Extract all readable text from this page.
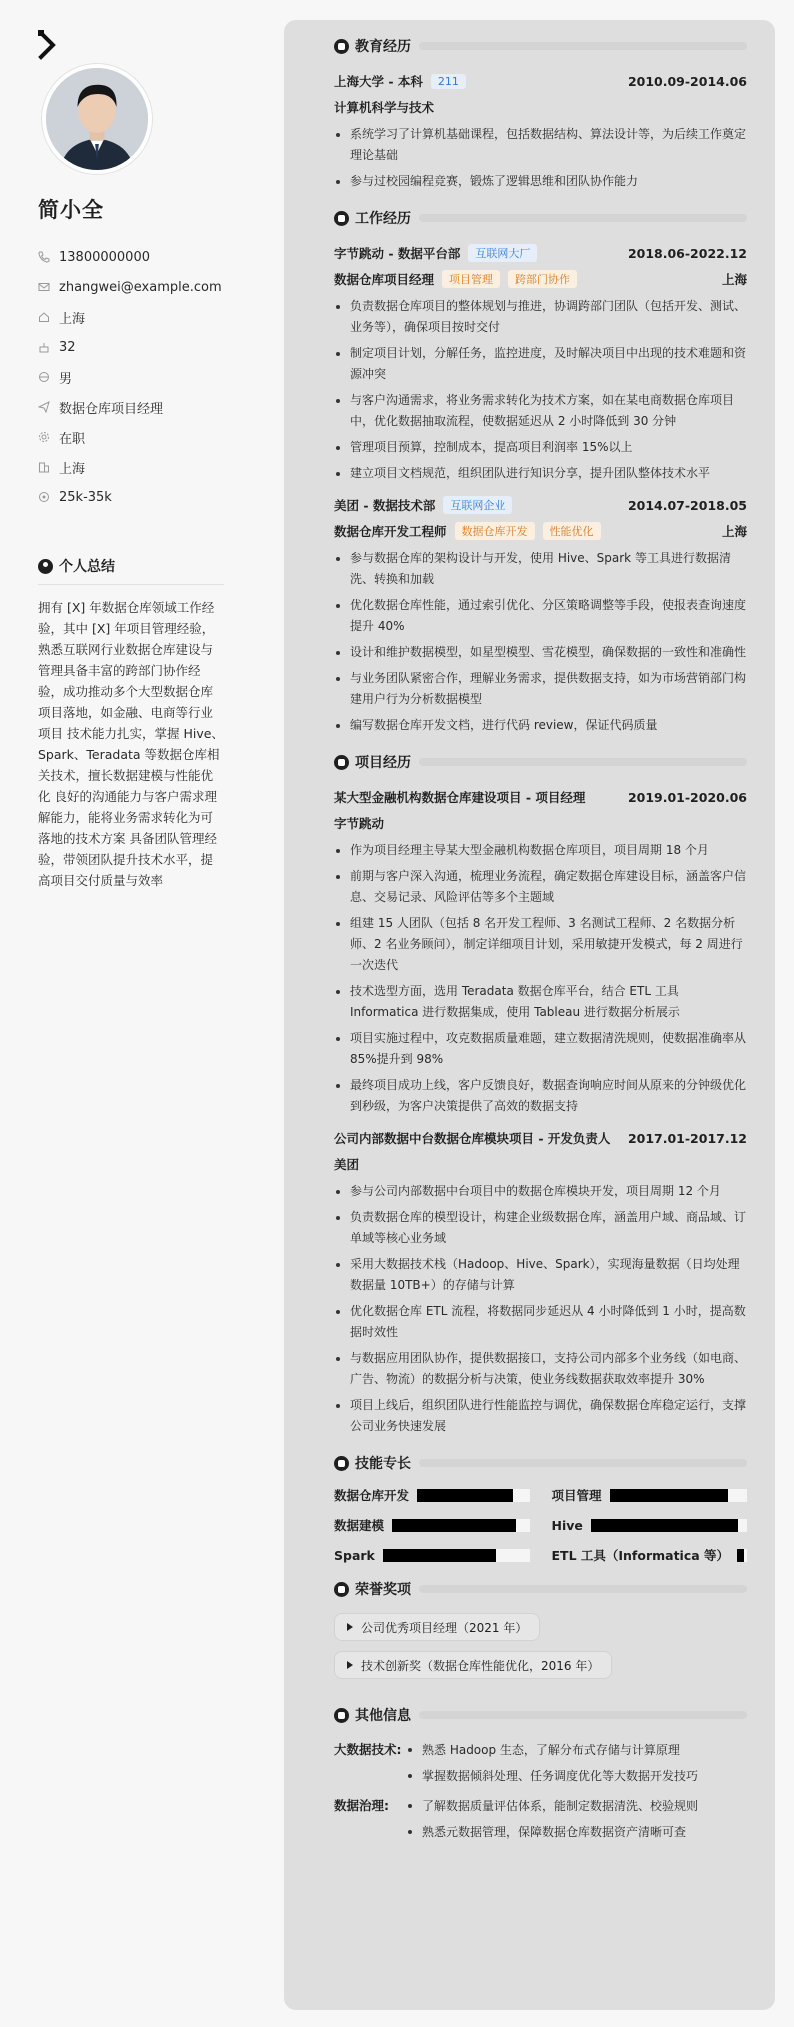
简小全
13800000000
zhangwei@example.com
上海
32
男
数据仓库项目经理
在职
上海
25k-35k
个人总结
拥有 [X] 年数据仓库领域工作经验，其中 [X] 年项目管理经验，熟悉互联网行业数据仓库建设与管理具备丰富的跨部门协作经验，成功推动多个大型数据仓库项目落地，如金融、电商等行业项目 技术能力扎实，掌握 Hive、Spark、Teradata 等数据仓库相关技术，擅长数据建模与性能优化 良好的沟通能力与客户需求理解能力，能将业务需求转化为可落地的技术方案 具备团队管理经验，带领团队提升技术水平，提高项目交付质量与效率
教育经历
上海大学 - 本科	211	2010.09-2014.06
计算机科学与技术
系统学习了计算机基础课程，包括数据结构、算法设计等，为后续工作奠定理论基础
参与过校园编程竞赛，锻炼了逻辑思维和团队协作能力
工作经历
字节跳动 - 数据平台部	互联网大厂	2018.06-2022.12
数据仓库项目经理	项目管理	跨部门协作	上海
负责数据仓库项目的整体规划与推进，协调跨部门团队（包括开发、测试、业务等），确保项目按时交付
制定项目计划，分解任务，监控进度，及时解决项目中出现的技术难题和资源冲突
与客户沟通需求，将业务需求转化为技术方案，如在某电商数据仓库项目中，优化数据抽取流程，使数据延迟从 2 小时降低到 30 分钟
管理项目预算，控制成本，提高项目利润率 15%以上
建立项目文档规范，组织团队进行知识分享，提升团队整体技术水平
美团 - 数据技术部	互联网企业	2014.07-2018.05
数据仓库开发工程师	数据仓库开发	性能优化	上海
参与数据仓库的架构设计与开发，使用 Hive、Spark 等工具进行数据清洗、转换和加载
优化数据仓库性能，通过索引优化、分区策略调整等手段，使报表查询速度提升 40%
设计和维护数据模型，如星型模型、雪花模型，确保数据的一致性和准确性
与业务团队紧密合作，理解业务需求，提供数据支持，如为市场营销部门构建用户行为分析数据模型
编写数据仓库开发文档，进行代码 review，保证代码质量
项目经历
某大型金融机构数据仓库建设项目 - 项目经理	2019.01-2020.06
字节跳动
作为项目经理主导某大型金融机构数据仓库项目，项目周期 18 个月
前期与客户深入沟通，梳理业务流程，确定数据仓库建设目标，涵盖客户信息、交易记录、风险评估等多个主题域
组建 15 人团队（包括 8 名开发工程师、3 名测试工程师、2 名数据分析师、2 名业务顾问），制定详细项目计划，采用敏捷开发模式，每 2 周进行一次迭代
技术选型方面，选用 Teradata 数据仓库平台，结合 ETL 工具 Informatica 进行数据集成，使用 Tableau 进行数据分析展示
项目实施过程中，攻克数据质量难题，建立数据清洗规则，使数据准确率从 85%提升到 98%
最终项目成功上线，客户反馈良好，数据查询响应时间从原来的分钟级优化到秒级，为客户决策提供了高效的数据支持
公司内部数据中台数据仓库模块项目 - 开发负责人 2017.01-2017.12
美团
参与公司内部数据中台项目中的数据仓库模块开发，项目周期 12 个月
负责数据仓库的模型设计，构建企业级数据仓库，涵盖用户域、商品域、订单域等核心业务域
采用大数据技术栈（Hadoop、Hive、Spark），实现海量数据（日均处理数据量 10TB+）的存储与计算
优化数据仓库 ETL 流程，将数据同步延迟从 4 小时降低到 1 小时，提高数据时效性
与数据应用团队协作，提供数据接口，支持公司内部多个业务线（如电商、广告、物流）的数据分析与决策，使业务线数据获取效率提升 30%
项目上线后，组织团队进行性能监控与调优，确保数据仓库稳定运行，支撑公司业务快速发展
技能专长
数据仓库开发	项目管理
数据建模	Hive
Spark	ETL 工具（Informatica 等）
荣誉奖项
公司优秀项目经理（2021 年）
技术创新奖（数据仓库性能优化，2016 年）
其他信息
大数据技术:	熟悉 Hadoop 生态，了解分布式存储与计算原理
掌握数据倾斜处理、任务调度优化等大数据开发技巧
数据治理:	了解数据质量评估体系，能制定数据清洗、校验规则
熟悉元数据管理，保障数据仓库数据资产清晰可查
